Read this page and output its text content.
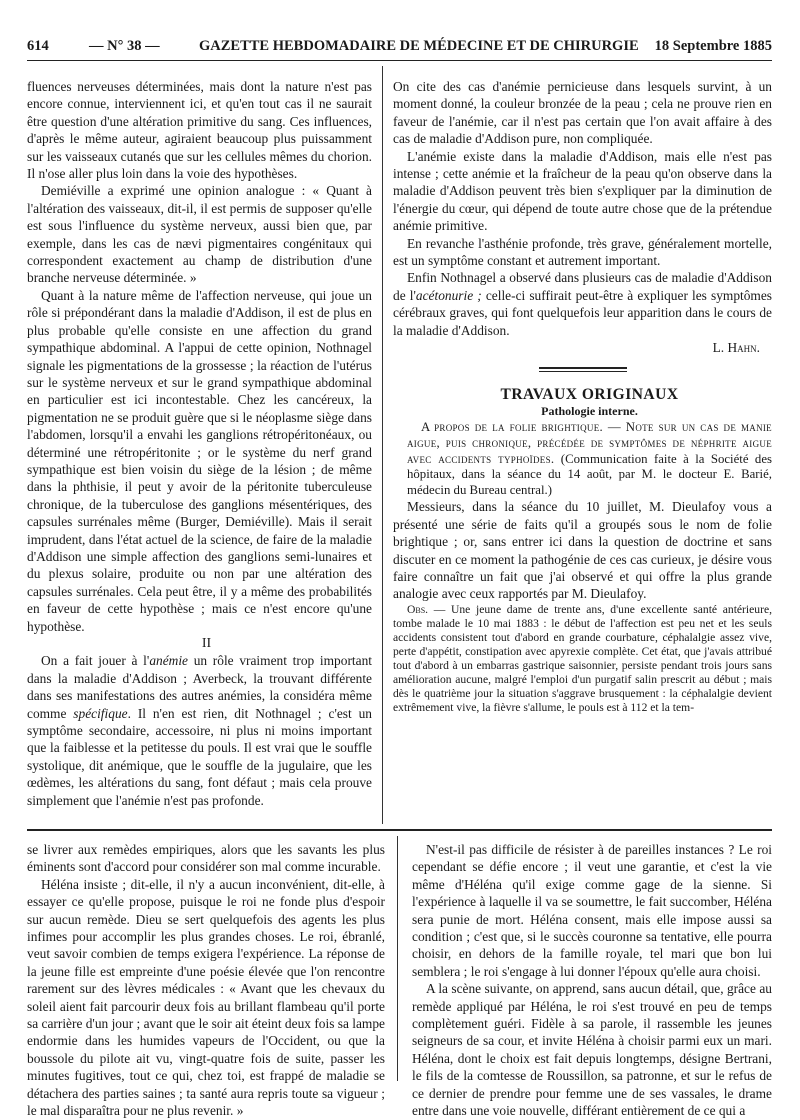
614	— N° 38 —	GAZETTE HEBDOMADAIRE DE MÉDECINE ET DE CHIRURGIE 18 Septembre 1885

fluences nerveuses déterminées, mais dont la nature n'est pas encore connue, interviennent ici, et qu'en tout cas il ne saurait être question d'une altération primitive du sang. Ces influences, d'après le même auteur, agiraient beaucoup plus puissamment sur les vaisseaux cutanés que sur les cellules mêmes du chorion. Il n'ose aller plus loin dans la voie des hypothèses.

Demiéville a exprimé une opinion analogue : « Quant à l'altération des vaisseaux, dit-il, il est permis de supposer qu'elle est sous l'influence du système nerveux, aussi bien que, par exemple, dans les cas de nævi pigmentaires congénitaux qui correspondent exactement au champ de distribution d'une branche nerveuse déterminée. »

Quant à la nature même de l'affection nerveuse, qui joue un rôle si prépondérant dans la maladie d'Addison, il est de plus en plus probable qu'elle consiste en une affection du grand sympathique abdominal. A l'appui de cette opinion, Nothnagel signale les pigmentations de la grossesse ; la réaction de l'utérus sur le système nerveux et sur le grand sympathique abdominal en particulier est ici incontestable. Chez les cancéreux, la pigmentation ne se produit guère que si le néoplasme siège dans l'abdomen, lorsqu'il a envahi les ganglions rétropéritonéaux, ou déterminé une rétropéritonite ; or le système du nerf grand sympathique est bien voisin du siège de la lésion ; de même dans la phthisie, il peut y avoir de la péritonite tuberculeuse chronique, de la tuberculose des ganglions mésentériques, des capsules surrénales même (Burger, Demiéville). Mais il serait imprudent, dans l'état actuel de la science, de faire de la maladie d'Addison une simple affection des ganglions semi-lunaires et du plexus solaire, produite ou non par une altération des capsules surrénales. Cela peut être, il y a même des probabilités en faveur de cette hypothèse ; mais ce n'est encore qu'une hypothèse.

II

On a fait jouer à l'anémie un rôle vraiment trop important dans la maladie d'Addison ; Averbeck, la trouvant différente dans ses manifestations des autres anémies, la considéra même comme spécifique. Il n'en est rien, dit Nothnagel ; c'est un symptôme secondaire, accessoire, ni plus ni moins important que la faiblesse et la petitesse du pouls. Il est vrai que le souffle systolique, dit anémique, que le souffle de la jugulaire, que les œdèmes, les altérations du sang, font défaut ; mais cela prouve simplement que l'anémie n'est pas profonde.

On cite des cas d'anémie pernicieuse dans lesquels survint, à un moment donné, la couleur bronzée de la peau ; cela ne prouve rien en faveur de l'anémie, car il n'est pas certain que l'on avait affaire à des cas de maladie d'Addison pure, non compliquée.

L'anémie existe dans la maladie d'Addison, mais elle n'est pas intense ; cette anémie et la fraîcheur de la peau qu'on observe dans la maladie d'Addison peuvent très bien s'expliquer par la diminution de l'énergie du cœur, qui dépend de toute autre chose que de la prétendue anémie primitive.

En revanche l'asthénie profonde, très grave, généralement mortelle, est un symptôme constant et autrement important.

Enfin Nothnagel a observé dans plusieurs cas de maladie d'Addison de l'acétonurie ; celle-ci suffirait peut-être à expliquer les symptômes cérébraux graves, qui font quelquefois leur apparition dans le cours de la maladie d'Addison.

L. Hahn.

TRAVAUX ORIGINAUX

Pathologie interne.

A propos de la folie brightique. — Note sur un cas de manie aigue, puis chronique, précédée de symptômes de néphrite aigue avec accidents typhoïdes. (Communication faite à la Société des hôpitaux, dans la séance du 14 août, par M. le docteur E. Barié, médecin du Bureau central.)

Messieurs, dans la séance du 10 juillet, M. Dieulafoy vous a présenté une série de faits qu'il a groupés sous le nom de folie brightique ; or, sans entrer ici dans la question de doctrine et sans discuter en ce moment la pathogénie de ces cas curieux, je désire vous faire connaître un fait que j'ai observé et qui offre la plus grande analogie avec ceux rapportés par M. Dieulafoy.

Obs. — Une jeune dame de trente ans, d'une excellente santé antérieure, tombe malade le 10 mai 1883 : le début de l'affection est peu net et les seuls accidents consistent tout d'abord en grande courbature, céphalalgie assez vive, perte d'appétit, constipation avec apyrexie complète. Cet état, que j'avais attribué tout d'abord à un embarras gastrique saisonnier, persiste pendant trois jours sans amélioration aucune, malgré l'emploi d'un purgatif salin prescrit au début ; mais dès le quatrième jour la situation s'aggrave brusquement : la céphalalgie devient extrêmement vive, la fièvre s'allume, le pouls est à 112 et la tem-

se livrer aux remèdes empiriques, alors que les savants les plus éminents sont d'accord pour considérer son mal comme incurable.

Héléna insiste ; dit-elle, il n'y a aucun inconvénient, dit-elle, à essayer ce qu'elle propose, puisque le roi ne fonde plus d'espoir sur aucun remède. Dieu se sert quelquefois des agents les plus infimes pour accomplir les plus grandes choses. Le roi, ébranlé, veut savoir combien de temps exigera l'expérience. La réponse de la jeune fille est empreinte d'une poésie élevée que l'on rencontre rarement sur des lèvres médicales : « Avant que les chevaux du soleil aient fait parcourir deux fois au brillant flambeau qu'il porte sa carrière d'un jour ; avant que le soir ait éteint deux fois sa lampe endormie dans les humides vapeurs de l'Occident, ou que la boussole du pilote ait vu, vingt-quatre fois de suite, passer les minutes fugitives, tout ce qui, chez toi, est frappé de maladie se détachera des parties saines ; ta santé aura repris toute sa vigueur ; le mal disparaîtra pour ne plus revenir. »

N'est-il pas difficile de résister à de pareilles instances ? Le roi cependant se défie encore ; il veut une garantie, et c'est la vie même d'Héléna qu'il exige comme gage de la sienne. Si l'expérience à laquelle il va se soumettre, le fait succomber, Héléna sera punie de mort. Héléna consent, mais elle impose aussi sa condition ; c'est que, si le succès couronne sa tentative, elle pourra choisir, en dehors de la famille royale, tel mari que bon lui semblera ; le roi s'engage à lui donner l'époux qu'elle aura choisi.

A la scène suivante, on apprend, sans aucun détail, que, grâce au remède appliqué par Héléna, le roi s'est trouvé en peu de temps complètement guéri. Fidèle à sa parole, il rassemble les jeunes seigneurs de sa cour, et invite Héléna à choisir parmi eux un mari. Héléna, dont le choix est fait depuis longtemps, désigne Bertrani, le fils de la comtesse de Roussillon, sa patronne, et sur le refus de ce dernier de prendre pour femme une de ses vassales, le drame entre dans une voie nouvelle, différant entièrement de ce qui a
